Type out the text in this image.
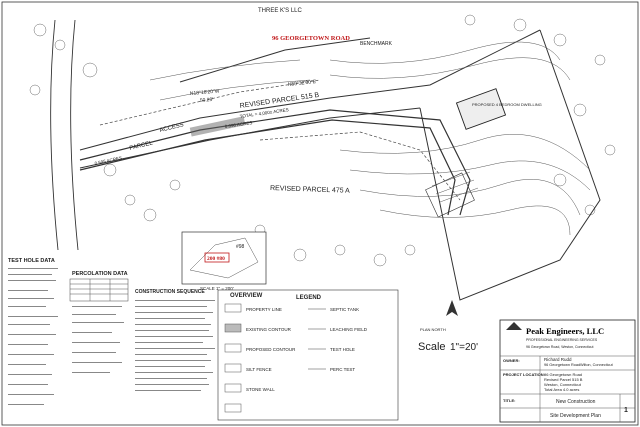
PROPOSED 4 BEDROOM DWELLING
THREE K'S LLC
96 GEORGETOWN ROAD
BENCHMARK
REVISED PARCEL 515 B
REVISED PARCEL 475 A
PARCEL
ACCESS
N18°18'20"W
50.29'
N50°32'00"E
TOTAL = 4,000± ACRES
0.096 ACRES
0.595 ACRES
200 #80
#98
SCALE 1" = 200'
OVERVIEW
TEST HOLE DATA
PERCOLATION DATA
CONSTRUCTION SEQUENCE
LEGEND
PROPERTY LINE
EXISTING CONTOUR
PROPOSED CONTOUR
SILT FENCE
STONE WALL
SEPTIC TANK
LEACHING FIELD
TEST HOLE
PERC TEST
Scale 1"=20'
PLAN NORTH	Peak Engineers, LLC
PROFESSIONAL ENGINEERING SERVICES
96 Georgetown Road, Weston, Connecticut
OWNER:	Richard Rudd
96 Georgetown Road Wilton, Connecticut
PROJECT LOCATION: 96 Georgetown Road
Revised Parcel 515 B
Weston, Connecticut
Total Area 4.0 acres
TITLE:	New Construction
Site Development Plan
1
